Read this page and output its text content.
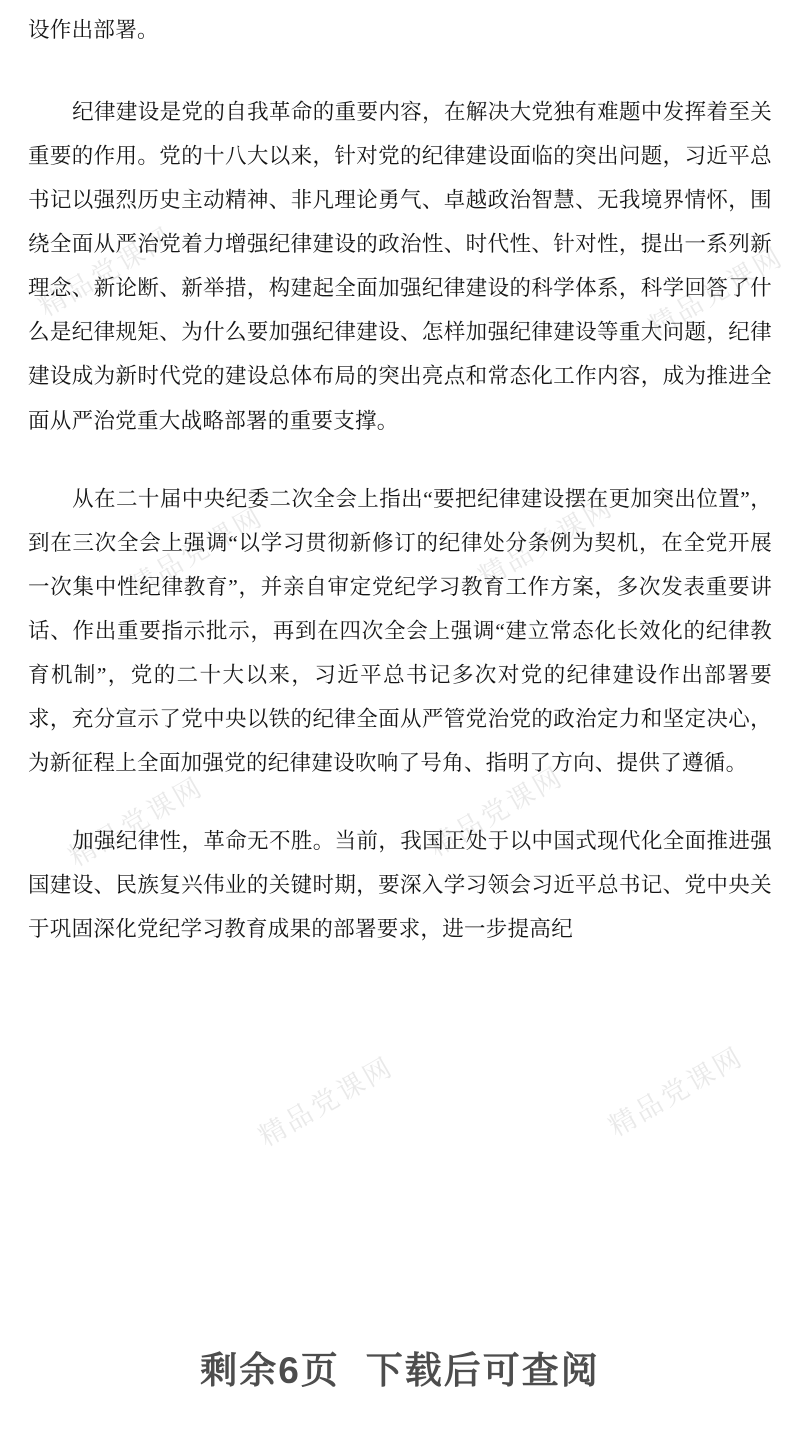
精品党课网	精品党课网
精品党课网	精品党课网
精品党课网	精品党课网
精品党课网	精品党课网

设作出部署。

纪律建设是党的自我革命的重要内容，在解决大党独有难题中发挥着至关重要的作用。党的十八大以来，针对党的纪律建设面临的突出问题，习近平总书记以强烈历史主动精神、非凡理论勇气、卓越政治智慧、无我境界情怀，围绕全面从严治党着力增强纪律建设的政治性、时代性、针对性，提出一系列新理念、新论断、新举措，构建起全面加强纪律建设的科学体系，科学回答了什么是纪律规矩、为什么要加强纪律建设、怎样加强纪律建设等重大问题，纪律建设成为新时代党的建设总体布局的突出亮点和常态化工作内容，成为推进全面从严治党重大战略部署的重要支撑。

从在二十届中央纪委二次全会上指出“要把纪律建设摆在更加突出位置”，到在三次全会上强调“以学习贯彻新修订的纪律处分条例为契机，在全党开展一次集中性纪律教育”，并亲自审定党纪学习教育工作方案，多次发表重要讲话、作出重要指示批示，再到在四次全会上强调“建立常态化长效化的纪律教育机制”，党的二十大以来，习近平总书记多次对党的纪律建设作出部署要求，充分宣示了党中央以铁的纪律全面从严管党治党的政治定力和坚定决心，为新征程上全面加强党的纪律建设吹响了号角、指明了方向、提供了遵循。

加强纪律性，革命无不胜。当前，我国正处于以中国式现代化全面推进强国建设、民族复兴伟业的关键时期，要深入学习领会习近平总书记、党中央关于巩固深化党纪学习教育成果的部署要求，进一步提高纪

剩余6页 下载后可查阅
